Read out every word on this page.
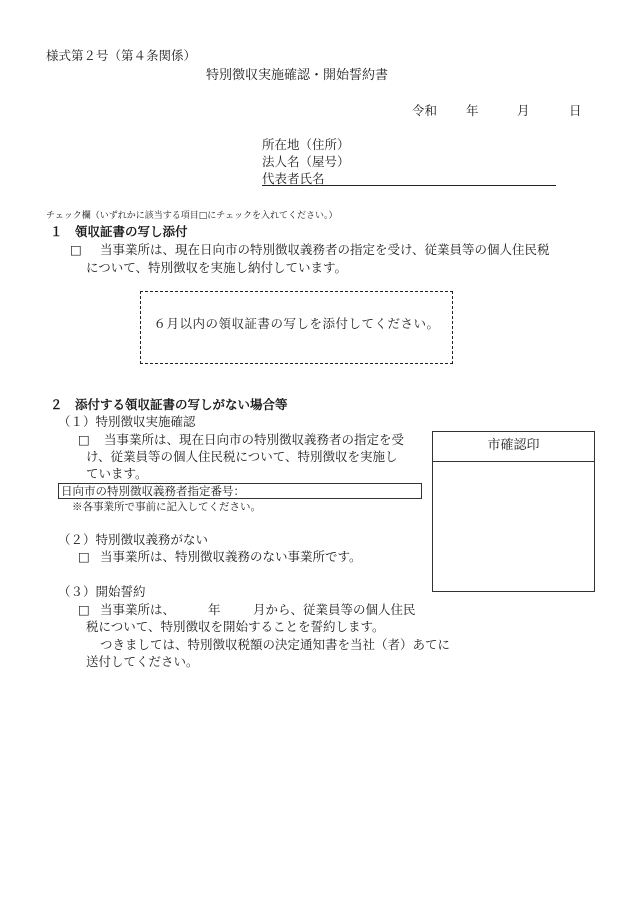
様式第２号（第４条関係）
特別徴収実施確認・開始誓約書
令和 年	月	日
所在地（住所）
法人名（屋号）
代表者氏名
チェック欄（いずれかに該当する項目□にチェックを入れてください。）
１　領収証書の写し添付
□ 当事業所は、現在日向市の特別徴収義務者の指定を受け、従業員等の個人住民税
について、特別徴収を実施し納付しています。
６月以内の領収証書の写しを添付してください。
２　添付する領収証書の写しがない場合等
（１）特別徴収実施確認
□ 当事業所は、現在日向市の特別徴収義務者の指定を受
け、従業員等の個人住民税について、特別徴収を実施し
ています。
日向市の特別徴収義務者指定番号：
※各事業所で事前に記入してください。
（２）特別徴収義務がない
□ 当事業所は、特別徴収義務のない事業所です。
（３）開始誓約
□ 当事業所は、	年	月から、従業員等の個人住民
税について、特別徴収を開始することを誓約します。
つきましては、特別徴収税額の決定通知書を当社（者）あてに
送付してください。
市確認印
